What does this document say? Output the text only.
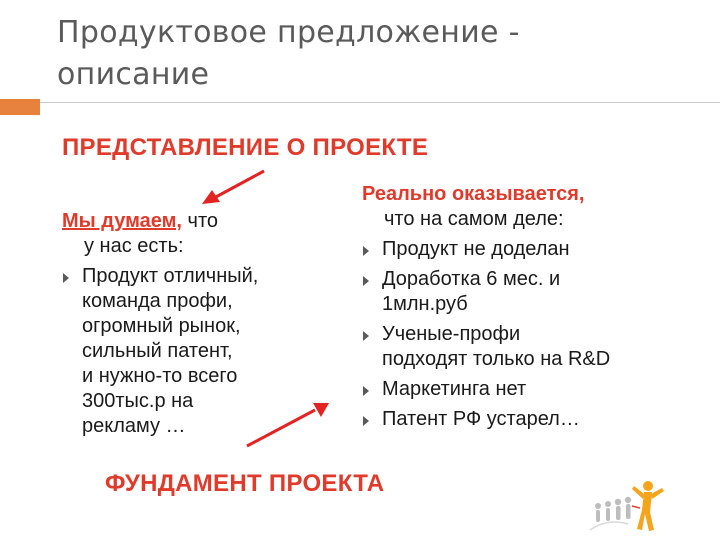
Продуктовое предложение -
описание
ПРЕДСТАВЛЕНИЕ О ПРОЕКТЕ
Мы думаем, что
у нас есть:
Продукт отличный,
команда профи,
огромный рынок,
сильный патент,
и нужно-то всего
300тыс.р на
рекламу …
Реально оказывается,
что на самом деле:
Продукт не доделан
Доработка 6 мес. и
1млн.руб
Ученые-профи
подходят только на R&D
Маркетинга нет
Патент РФ устарел…
ФУНДАМЕНТ ПРОЕКТА
